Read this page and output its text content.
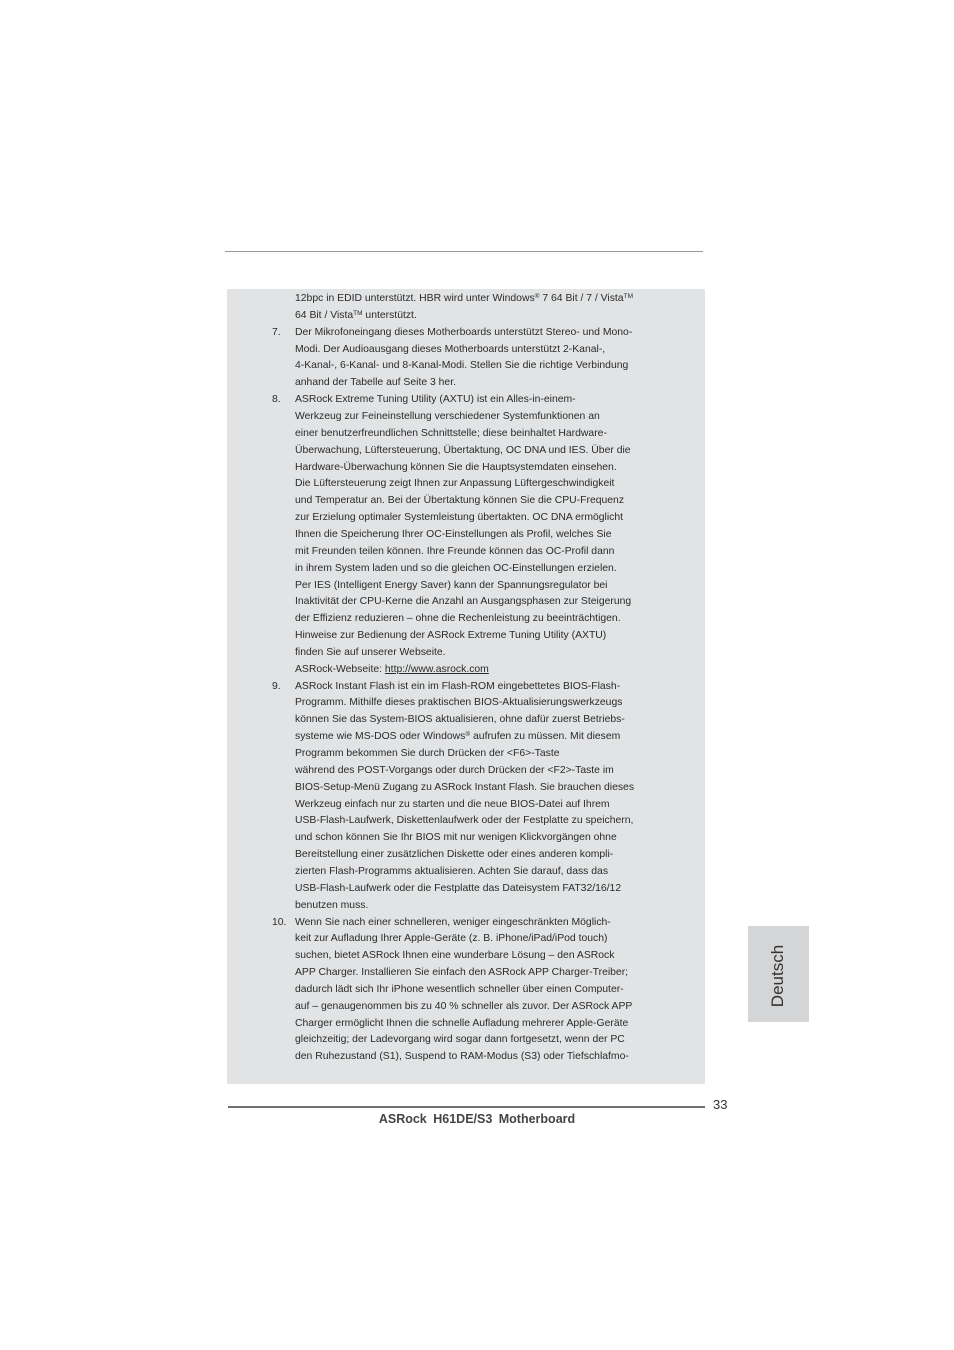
12bpc in EDID unterstützt. HBR wird unter Windows® 7 64 Bit / 7 / Vista™
64 Bit / Vista™ unterstützt.
7. Der Mikrofoneingang dieses Motherboards unterstützt Stereo- und Mono-
Modi. Der Audioausgang dieses Motherboards unterstützt 2-Kanal-,
4-Kanal-, 6-Kanal- und 8-Kanal-Modi. Stellen Sie die richtige Verbindung
anhand der Tabelle auf Seite 3 her.
8. ASRock Extreme Tuning Utility (AXTU) ist ein Alles-in-einem-
Werkzeug zur Feineinstellung verschiedener Systemfunktionen an
einer benutzerfreundlichen Schnittstelle; diese beinhaltet Hardware-
Überwachung, Lüftersteuerung, Übertaktung, OC DNA und IES. Über die
Hardware-Überwachung können Sie die Hauptsystemdaten einsehen.
Die Lüftersteuerung zeigt Ihnen zur Anpassung Lüftergeschwindigkeit
und Temperatur an. Bei der Übertaktung können Sie die CPU-Frequenz
zur Erzielung optimaler Systemleistung übertakten. OC DNA ermöglicht
Ihnen die Speicherung Ihrer OC-Einstellungen als Profil, welches Sie
mit Freunden teilen können. Ihre Freunde können das OC-Profil dann
in ihrem System laden und so die gleichen OC-Einstellungen erzielen.
Per IES (Intelligent Energy Saver) kann der Spannungsregulator bei
Inaktivität der CPU-Kerne die Anzahl an Ausgangsphasen zur Steigerung
der Effizienz reduzieren – ohne die Rechenleistung zu beeinträchtigen.
Hinweise zur Bedienung der ASRock Extreme Tuning Utility (AXTU)
finden Sie auf unserer Webseite.
ASRock-Webseite: http://www.asrock.com
9. ASRock Instant Flash ist ein im Flash-ROM eingebettetes BIOS-Flash-
Programm. Mithilfe dieses praktischen BIOS-Aktualisierungswerkzeugs
können Sie das System-BIOS aktualisieren, ohne dafür zuerst Betriebs-
systeme wie MS-DOS oder Windows® aufrufen zu müssen. Mit diesem
Programm bekommen Sie durch Drücken der <F6>-Taste
während des POST-Vorgangs oder durch Drücken der <F2>-Taste im
BIOS-Setup-Menü Zugang zu ASRock Instant Flash. Sie brauchen dieses
Werkzeug einfach nur zu starten und die neue BIOS-Datei auf Ihrem
USB-Flash-Laufwerk, Diskettenlaufwerk oder der Festplatte zu speichern,
und schon können Sie Ihr BIOS mit nur wenigen Klickvorgängen ohne
Bereitstellung einer zusätzlichen Diskette oder eines anderen kompli-
zierten Flash-Programms aktualisieren. Achten Sie darauf, dass das
USB-Flash-Laufwerk oder die Festplatte das Dateisystem FAT32/16/12
benutzen muss.
10. Wenn Sie nach einer schnelleren, weniger eingeschränkten Möglich-
keit zur Aufladung Ihrer Apple-Geräte (z. B. iPhone/iPad/iPod touch)
suchen, bietet ASRock Ihnen eine wunderbare Lösung – den ASRock
APP Charger. Installieren Sie einfach den ASRock APP Charger-Treiber;
dadurch lädt sich Ihr iPhone wesentlich schneller über einen Computer-
auf – genaugenommen bis zu 40 % schneller als zuvor. Der ASRock APP
Charger ermöglicht Ihnen die schnelle Aufladung mehrerer Apple-Geräte
gleichzeitig; der Ladevorgang wird sogar dann fortgesetzt, wenn der PC
den Ruhezustand (S1), Suspend to RAM-Modus (S3) oder Tiefschlafmo-
Deutsch
33
ASRock H61DE/S3 Motherboard
